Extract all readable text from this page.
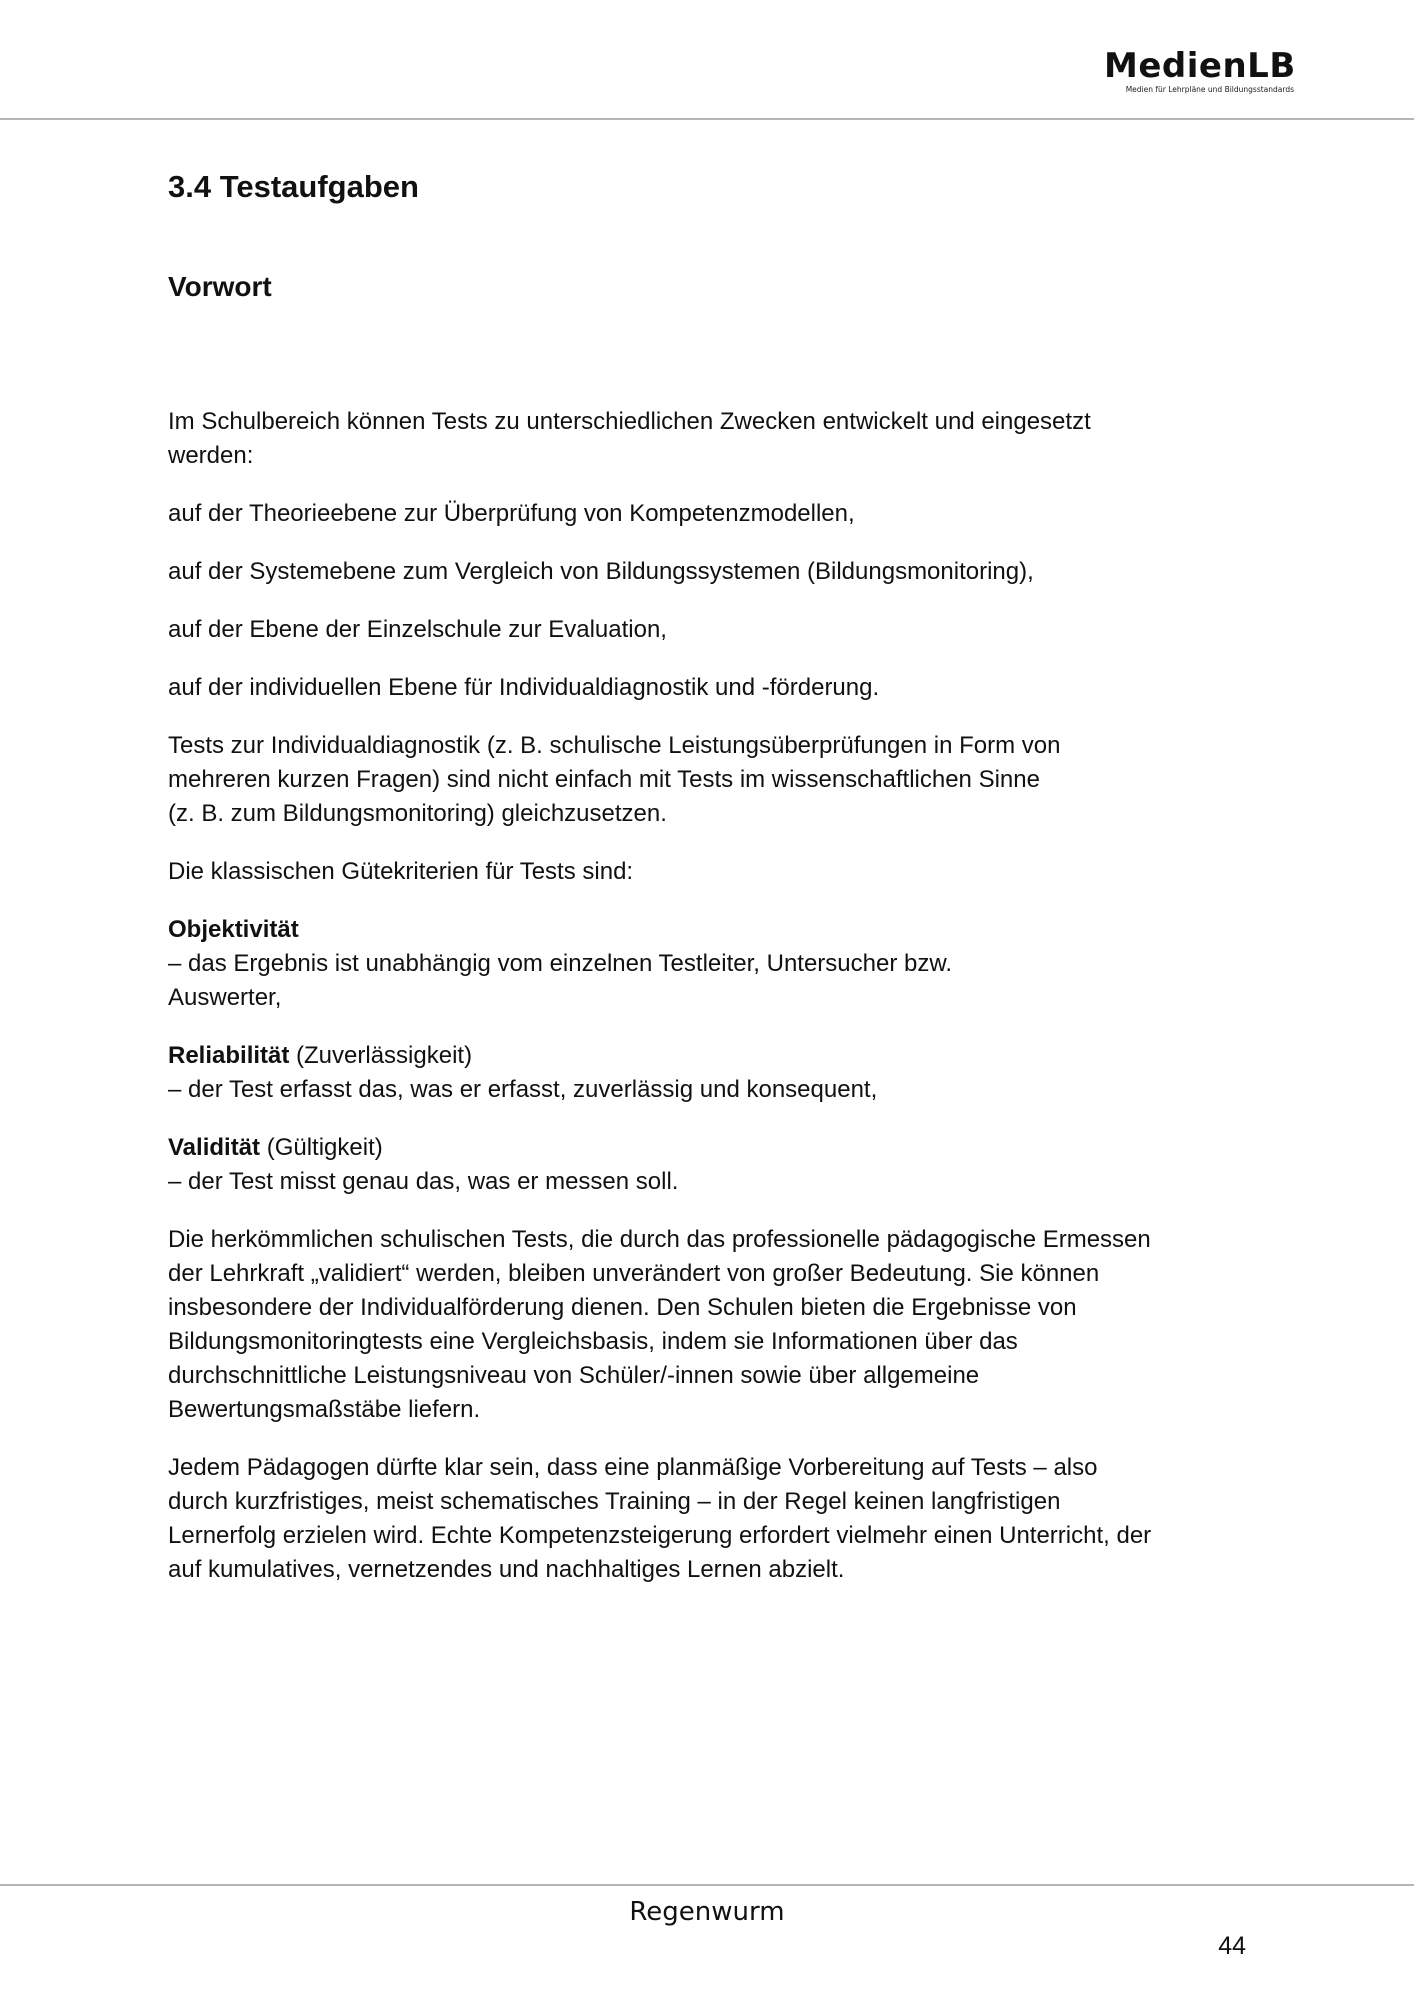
MedienLB
Medien für Lehrpläne und Bildungsstandards
3.4 Testaufgaben
Vorwort

Im Schulbereich können Tests zu unterschiedlichen Zwecken entwickelt und eingesetzt
werden:

auf der Theorieebene zur Überprüfung von Kompetenzmodellen,

auf der Systemebene zum Vergleich von Bildungssystemen (Bildungsmonitoring),

auf der Ebene der Einzelschule zur Evaluation,

auf der individuellen Ebene für Individualdiagnostik und -förderung.

Tests zur Individualdiagnostik (z. B. schulische Leistungsüberprüfungen in Form von
mehreren kurzen Fragen) sind nicht einfach mit Tests im wissenschaftlichen Sinne
(z. B. zum Bildungsmonitoring) gleichzusetzen.

Die klassischen Gütekriterien für Tests sind:

Objektivität
– das Ergebnis ist unabhängig vom einzelnen Testleiter, Untersucher bzw.
Auswerter,

Reliabilität (Zuverlässigkeit)
– der Test erfasst das, was er erfasst, zuverlässig und konsequent,

Validität (Gültigkeit)
– der Test misst genau das, was er messen soll.

Die herkömmlichen schulischen Tests, die durch das professionelle pädagogische Ermessen
der Lehrkraft „validiert“ werden, bleiben unverändert von großer Bedeutung. Sie können
insbesondere der Individualförderung dienen. Den Schulen bieten die Ergebnisse von
Bildungsmonitoringtests eine Vergleichsbasis, indem sie Informationen über das
durchschnittliche Leistungsniveau von Schüler/-innen sowie über allgemeine
Bewertungsmaßstäbe liefern.

Jedem Pädagogen dürfte klar sein, dass eine planmäßige Vorbereitung auf Tests – also
durch kurzfristiges, meist schematisches Training – in der Regel keinen langfristigen
Lernerfolg erzielen wird. Echte Kompetenzsteigerung erfordert vielmehr einen Unterricht, der
auf kumulatives, vernetzendes und nachhaltiges Lernen abzielt.

Regenwurm
44
